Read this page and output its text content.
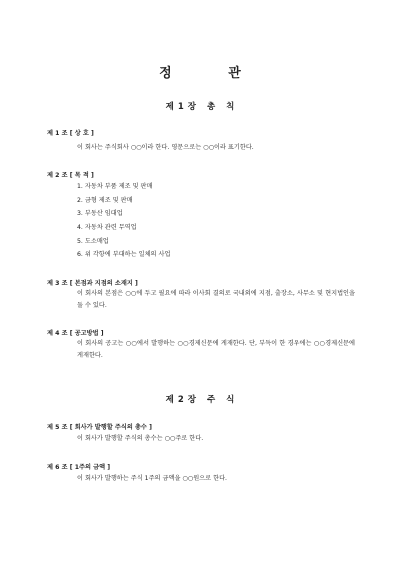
정 관
제1장 총 칙
제 1 조 [ 상 호 ]
이 회사는 주식회사 ○○이라 한다. 영문으로는 ○○이라 표기한다.
제 2 조 [ 목 적 ]
1. 자동차 부품 제조 및 판매
2. 금형 제조 및 판매
3. 부동산 임대업
4. 자동차 관련 무역업
5. 도소매업
6. 위 각항에 부대하는 일체의 사업
제 3 조 [ 본점과 지점의 소재지 ]
이 회사의 본점은 ○○에 두고 필요에 따라 이사회 결의로 국내외에 지점, 출장소, 사무소 및 현지법인을 둘 수 있다.
제 4 조 [ 공고방법 ]
이 회사의 공고는 ○○에서 발행하는 ○○경제신문에 게재한다. 단, 부득이 한 경우에는 ○○경제신문에 게재한다.
제2장 주 식
제 5 조 [ 회사가 발행할 주식의 총수 ]
이 회사가 발행할 주식의 총수는 ○○주로 한다.
제 6 조 [ 1주의 금액 ]
이 회사가 발행하는 주식 1주의 금액을 ○○원으로 한다.
